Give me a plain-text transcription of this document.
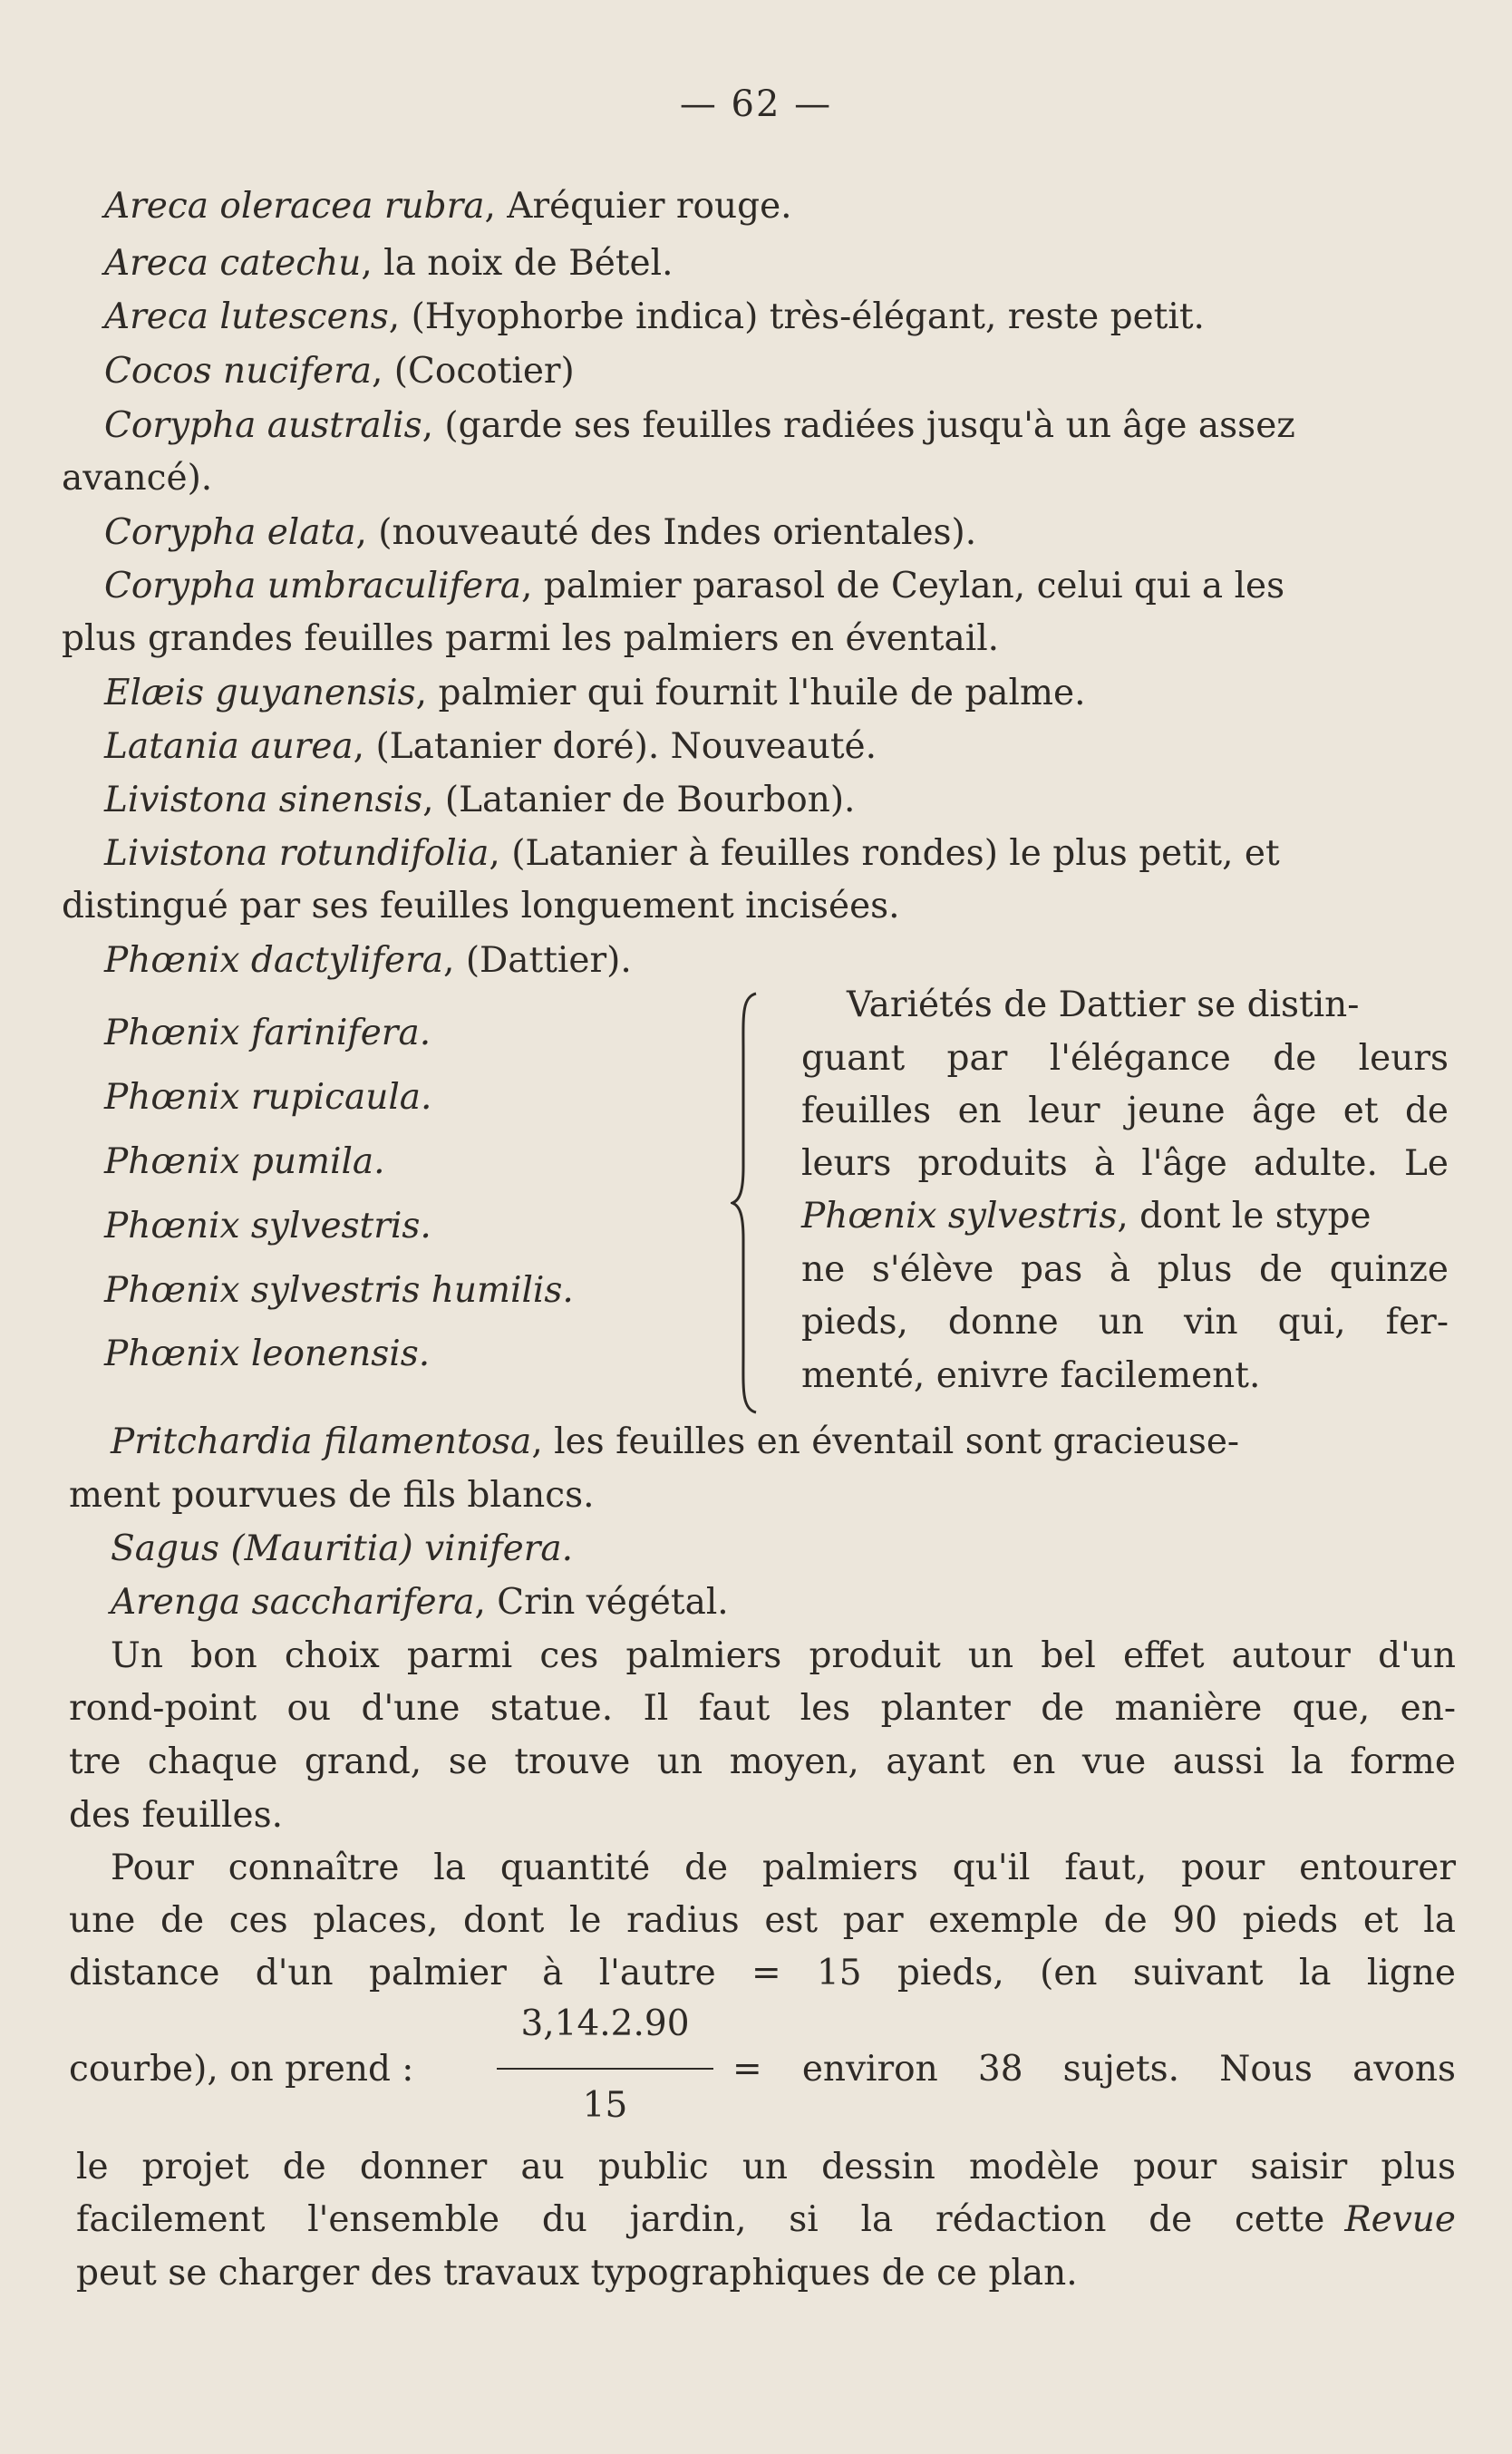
— 62 —
Areca oleracea rubra, Aréquier rouge.
Areca catechu, la noix de Bétel.
Areca lutescens, (Hyophorbe indica) très-élégant, reste petit.
Cocos nucifera, (Cocotier)
Corypha australis, (garde ses feuilles radiées jusqu'à un âge assez
avancé).
Corypha elata, (nouveauté des Indes orientales).
Corypha umbraculifera, palmier parasol de Ceylan, celui qui a les
plus grandes feuilles parmi les palmiers en éventail.
Elæis guyanensis, palmier qui fournit l'huile de palme.
Latania aurea, (Latanier doré). Nouveauté.
Livistona sinensis, (Latanier de Bourbon).
Livistona rotundifolia, (Latanier à feuilles rondes) le plus petit, et
distingué par ses feuilles longuement incisées.
Phœnix dactylifera, (Dattier).
Phœnix farinifera.
Phœnix rupicaula.
Phœnix pumila.
Phœnix sylvestris.
Phœnix sylvestris humilis.
Phœnix leonensis.
Variétés de Dattier se distin-
guant par l'élégance de leurs
feuilles en leur jeune âge et de
leurs produits à l'âge adulte. Le
Phœnix sylvestris, dont le stype
ne s'élève pas à plus de quinze
pieds, donne un vin qui, fer-
menté, enivre facilement.
Pritchardia filamentosa, les feuilles en éventail sont gracieuse-
ment pourvues de fils blancs.
Sagus (Mauritia) vinifera.
Arenga saccharifera, Crin végétal.
Un bon choix parmi ces palmiers produit un bel effet autour d'un
rond-point ou d'une statue. Il faut les planter de manière que, en-
tre chaque grand, se trouve un moyen, ayant en vue aussi la forme
des feuilles.
Pour connaître la quantité de palmiers qu'il faut, pour entourer
une de ces places, dont le radius est par exemple de 90 pieds et la
distance d'un palmier à l'autre = 15 pieds, (en suivant la ligne
courbe), on prend :
3,14.2.90
15
= environ 38 sujets. Nous avons
le projet de donner au public un dessin modèle pour saisir plus
facilement l'ensemble du jardin, si la rédaction de cette Revue
peut se charger des travaux typographiques de ce plan.
